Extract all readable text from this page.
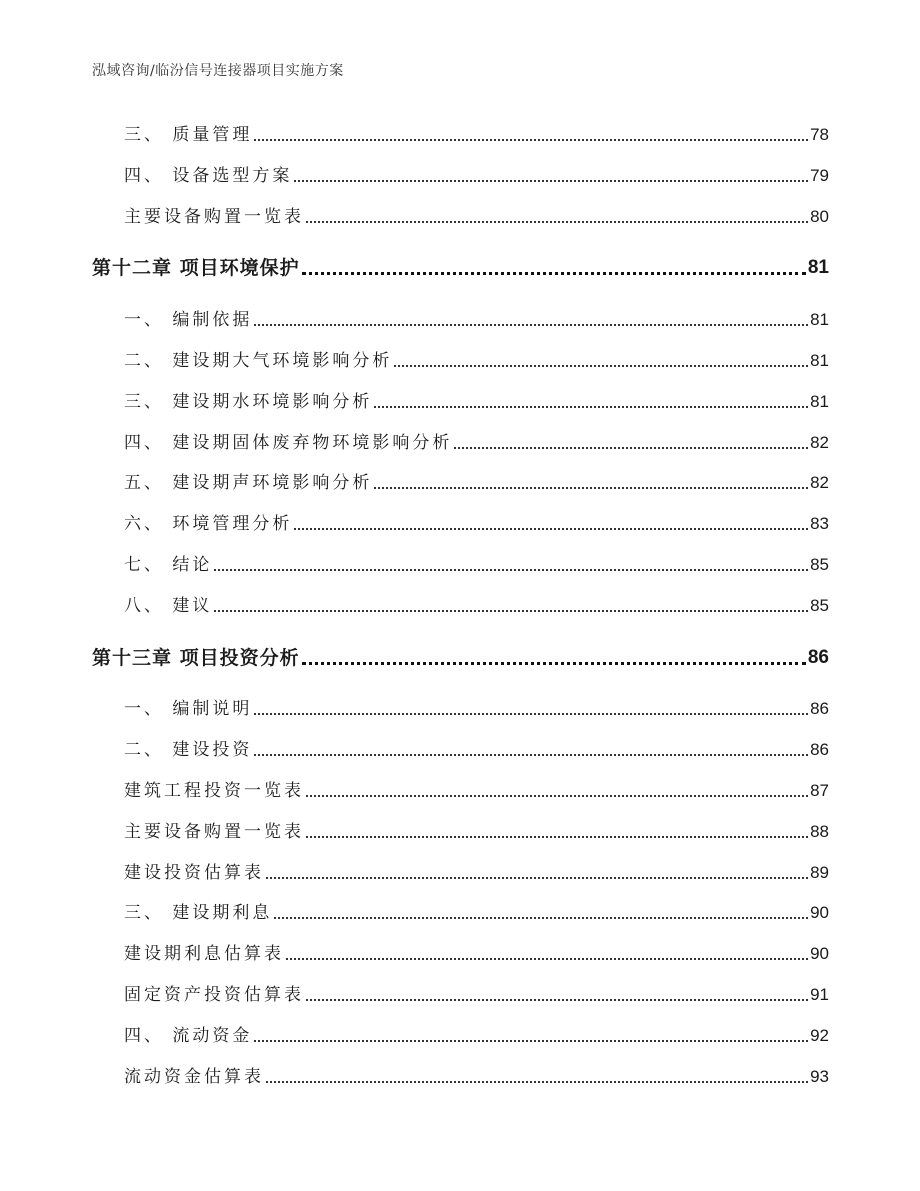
泓域咨询/临汾信号连接器项目实施方案
三、 质量管理	78
四、 设备选型方案	79
主要设备购置一览表	80
第十二章 项目环境保护	81
一、 编制依据	81
二、 建设期大气环境影响分析	81
三、 建设期水环境影响分析	81
四、 建设期固体废弃物环境影响分析	82
五、 建设期声环境影响分析	82
六、 环境管理分析	83
七、 结论	85
八、 建议	85
第十三章 项目投资分析	86
一、 编制说明	86
二、 建设投资	86
建筑工程投资一览表	87
主要设备购置一览表	88
建设投资估算表	89
三、 建设期利息	90
建设期利息估算表	90
固定资产投资估算表	91
四、 流动资金	92
流动资金估算表	93
